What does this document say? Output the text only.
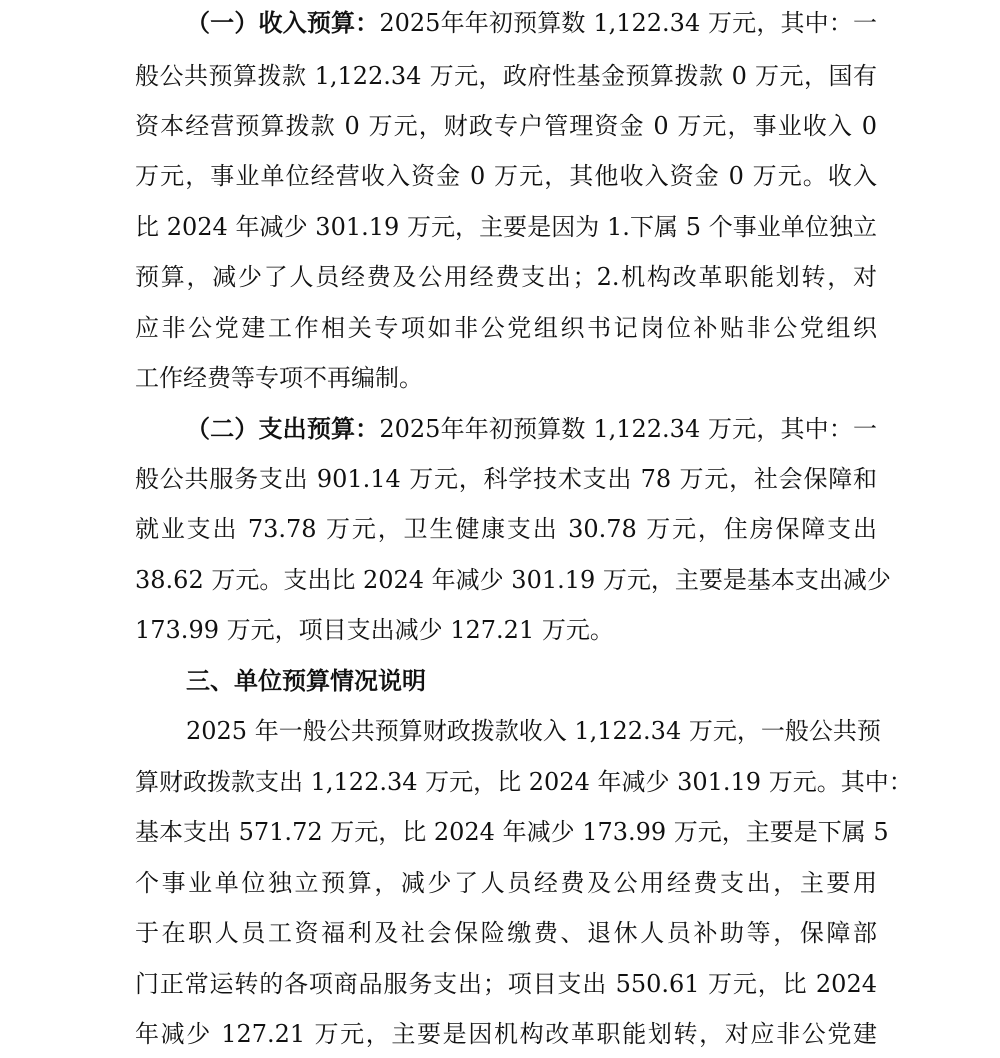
（一）收入预算：2025年年初预算数 1,122.34 万元，其中：一
般公共预算拨款 1,122.34 万元，政府性基金预算拨款 0 万元，国有
资本经营预算拨款 0 万元，财政专户管理资金 0 万元，事业收入 0
万元，事业单位经营收入资金 0 万元，其他收入资金 0 万元。收入
比 2024 年减少 301.19 万元，主要是因为 1.下属 5 个事业单位独立
预算，减少了人员经费及公用经费支出；2.机构改革职能划转，对
应非公党建工作相关专项如非公党组织书记岗位补贴非公党组织
工作经费等专项不再编制。
（二）支出预算：2025年年初预算数 1,122.34 万元，其中：一
般公共服务支出 901.14 万元，科学技术支出 78 万元，社会保障和
就业支出 73.78 万元，卫生健康支出 30.78 万元，住房保障支出
38.62 万元。支出比 2024 年减少 301.19 万元，主要是基本支出减少
173.99 万元，项目支出减少 127.21 万元。
三、单位预算情况说明
2025 年一般公共预算财政拨款收入 1,122.34 万元，一般公共预
算财政拨款支出 1,122.34 万元，比 2024 年减少 301.19 万元。其中：
基本支出 571.72 万元，比 2024 年减少 173.99 万元，主要是下属 5
个事业单位独立预算，减少了人员经费及公用经费支出，主要用
于在职人员工资福利及社会保险缴费、退休人员补助等，保障部
门正常运转的各项商品服务支出；项目支出 550.61 万元，比 2024
年减少 127.21 万元，主要是因机构改革职能划转，对应非公党建
